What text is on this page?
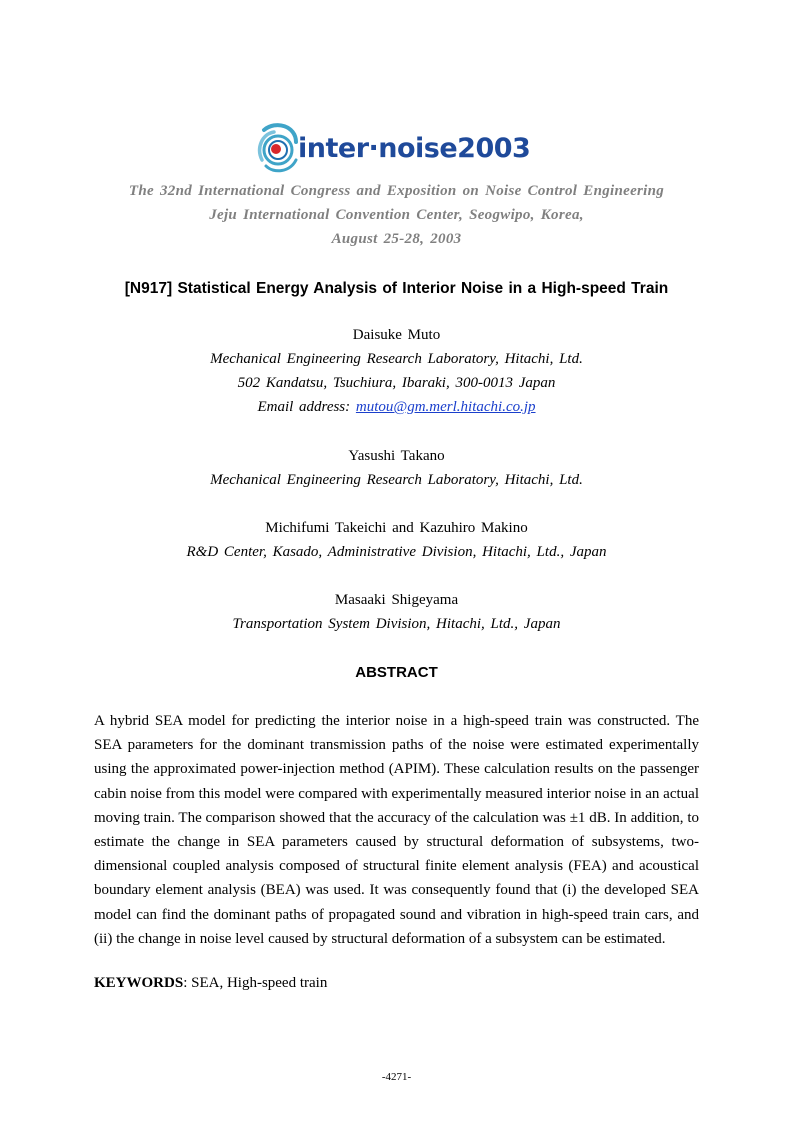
inter·noise2003
The 32nd International Congress and Exposition on Noise Control Engineering
Jeju International Convention Center, Seogwipo, Korea,
August 25-28, 2003
[N917] Statistical Energy Analysis of Interior Noise in a High-speed Train
Daisuke Muto
Mechanical Engineering Research Laboratory, Hitachi, Ltd.
502 Kandatsu, Tsuchiura, Ibaraki, 300-0013 Japan
Email address: mutou@gm.merl.hitachi.co.jp
Yasushi Takano
Mechanical Engineering Research Laboratory, Hitachi, Ltd.
Michifumi Takeichi and Kazuhiro Makino
R&D Center, Kasado, Administrative Division, Hitachi, Ltd., Japan
Masaaki Shigeyama
Transportation System Division, Hitachi, Ltd., Japan
ABSTRACT
A hybrid SEA model for predicting the interior noise in a high-speed train was constructed. The SEA parameters for the dominant transmission paths of the noise were estimated experimentally using the approximated power-injection method (APIM). These calculation results on the passenger cabin noise from this model were compared with experimentally measured interior noise in an actual moving train. The comparison showed that the accuracy of the calculation was ±1 dB. In addition, to estimate the change in SEA parameters caused by structural deformation of subsystems, two-dimensional coupled analysis composed of structural finite element analysis (FEA) and acoustical boundary element analysis (BEA) was used. It was consequently found that (i) the developed SEA model can find the dominant paths of propagated sound and vibration in high-speed train cars, and (ii) the change in noise level caused by structural deformation of a subsystem can be estimated.
KEYWORDS: SEA, High-speed train
-4271-
